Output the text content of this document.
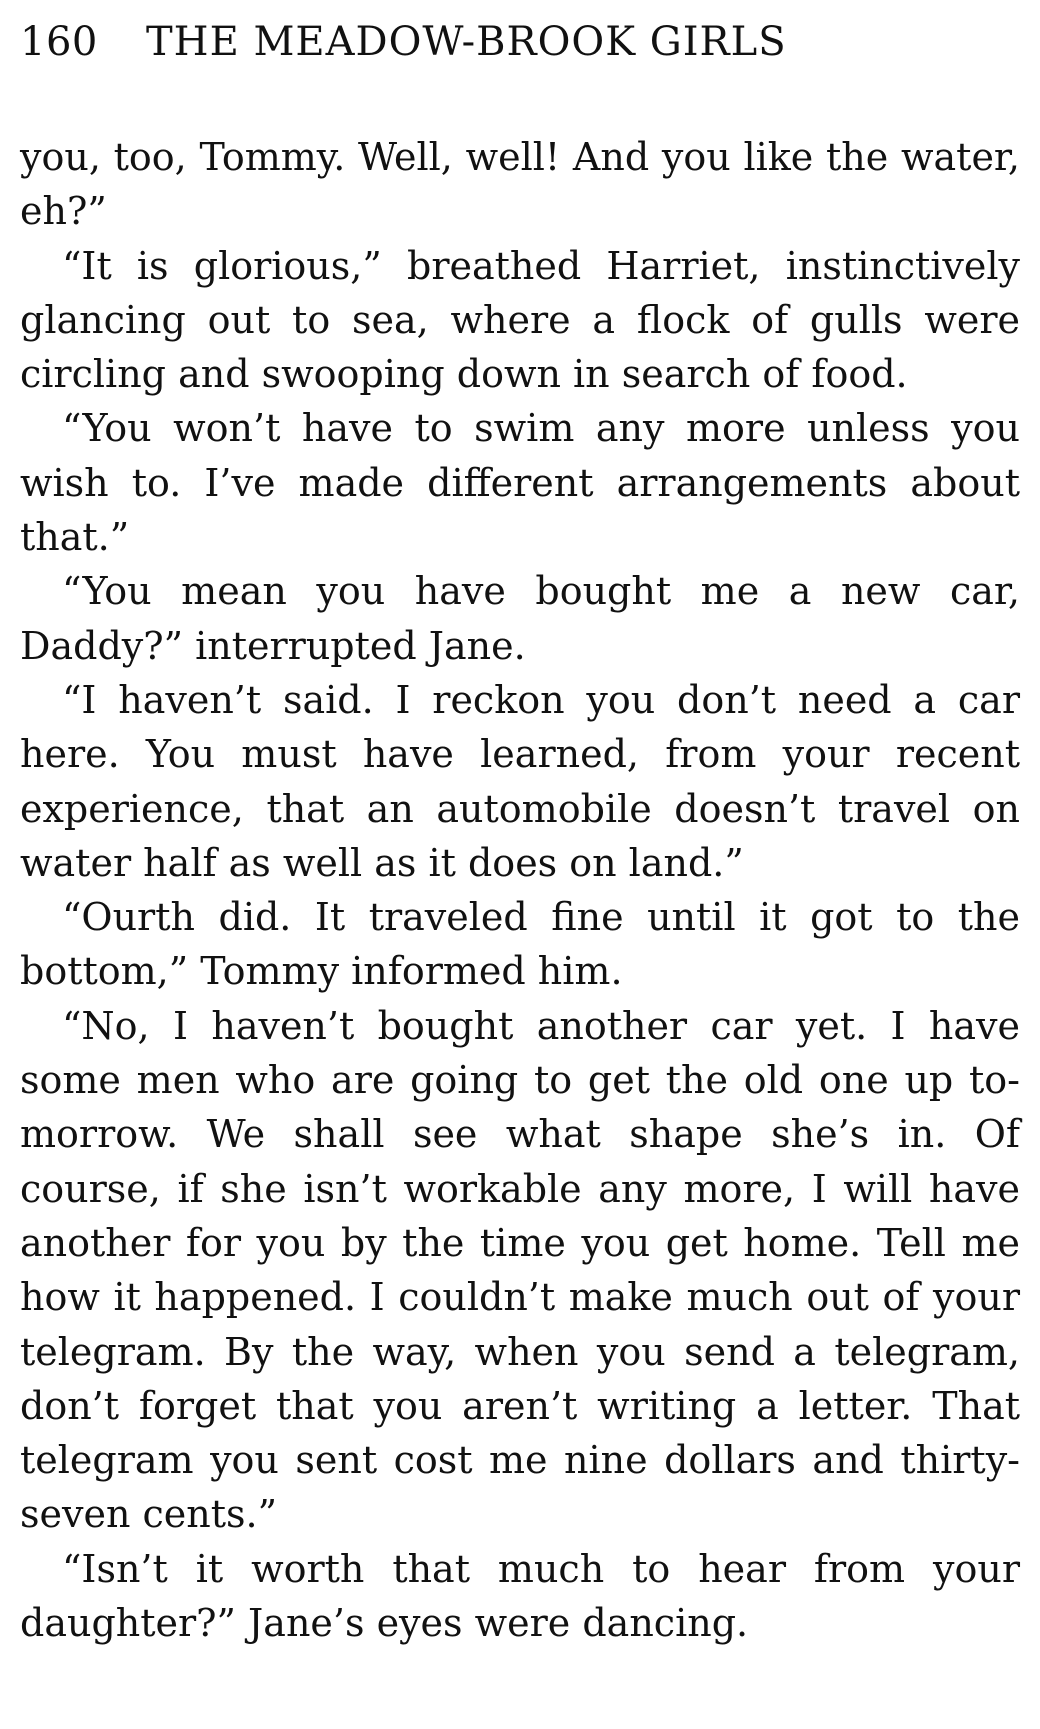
160 THE MEADOW-BROOK GIRLS

you, too, Tommy. Well, well! And you like the water, eh?”

“It is glorious,” breathed Harriet, instinctively glancing out to sea, where a flock of gulls were circling and swooping down in search of food.

“You won’t have to swim any more unless you wish to. I’ve made different arrangements about that.”

“You mean you have bought me a new car, Daddy?” interrupted Jane.

“I haven’t said. I reckon you don’t need a car here. You must have learned, from your recent experience, that an automobile doesn’t travel on water half as well as it does on land.”

“Ourth did. It traveled fine until it got to the bottom,” Tommy informed him.

“No, I haven’t bought another car yet. I have some men who are going to get the old one up to-morrow. We shall see what shape she’s in. Of course, if she isn’t workable any more, I will have another for you by the time you get home. Tell me how it happened. I couldn’t make much out of your telegram. By the way, when you send a telegram, don’t forget that you aren’t writing a letter. That telegram you sent cost me nine dollars and thirty-seven cents.”

“Isn’t it worth that much to hear from your daughter?” Jane’s eyes were dancing.
